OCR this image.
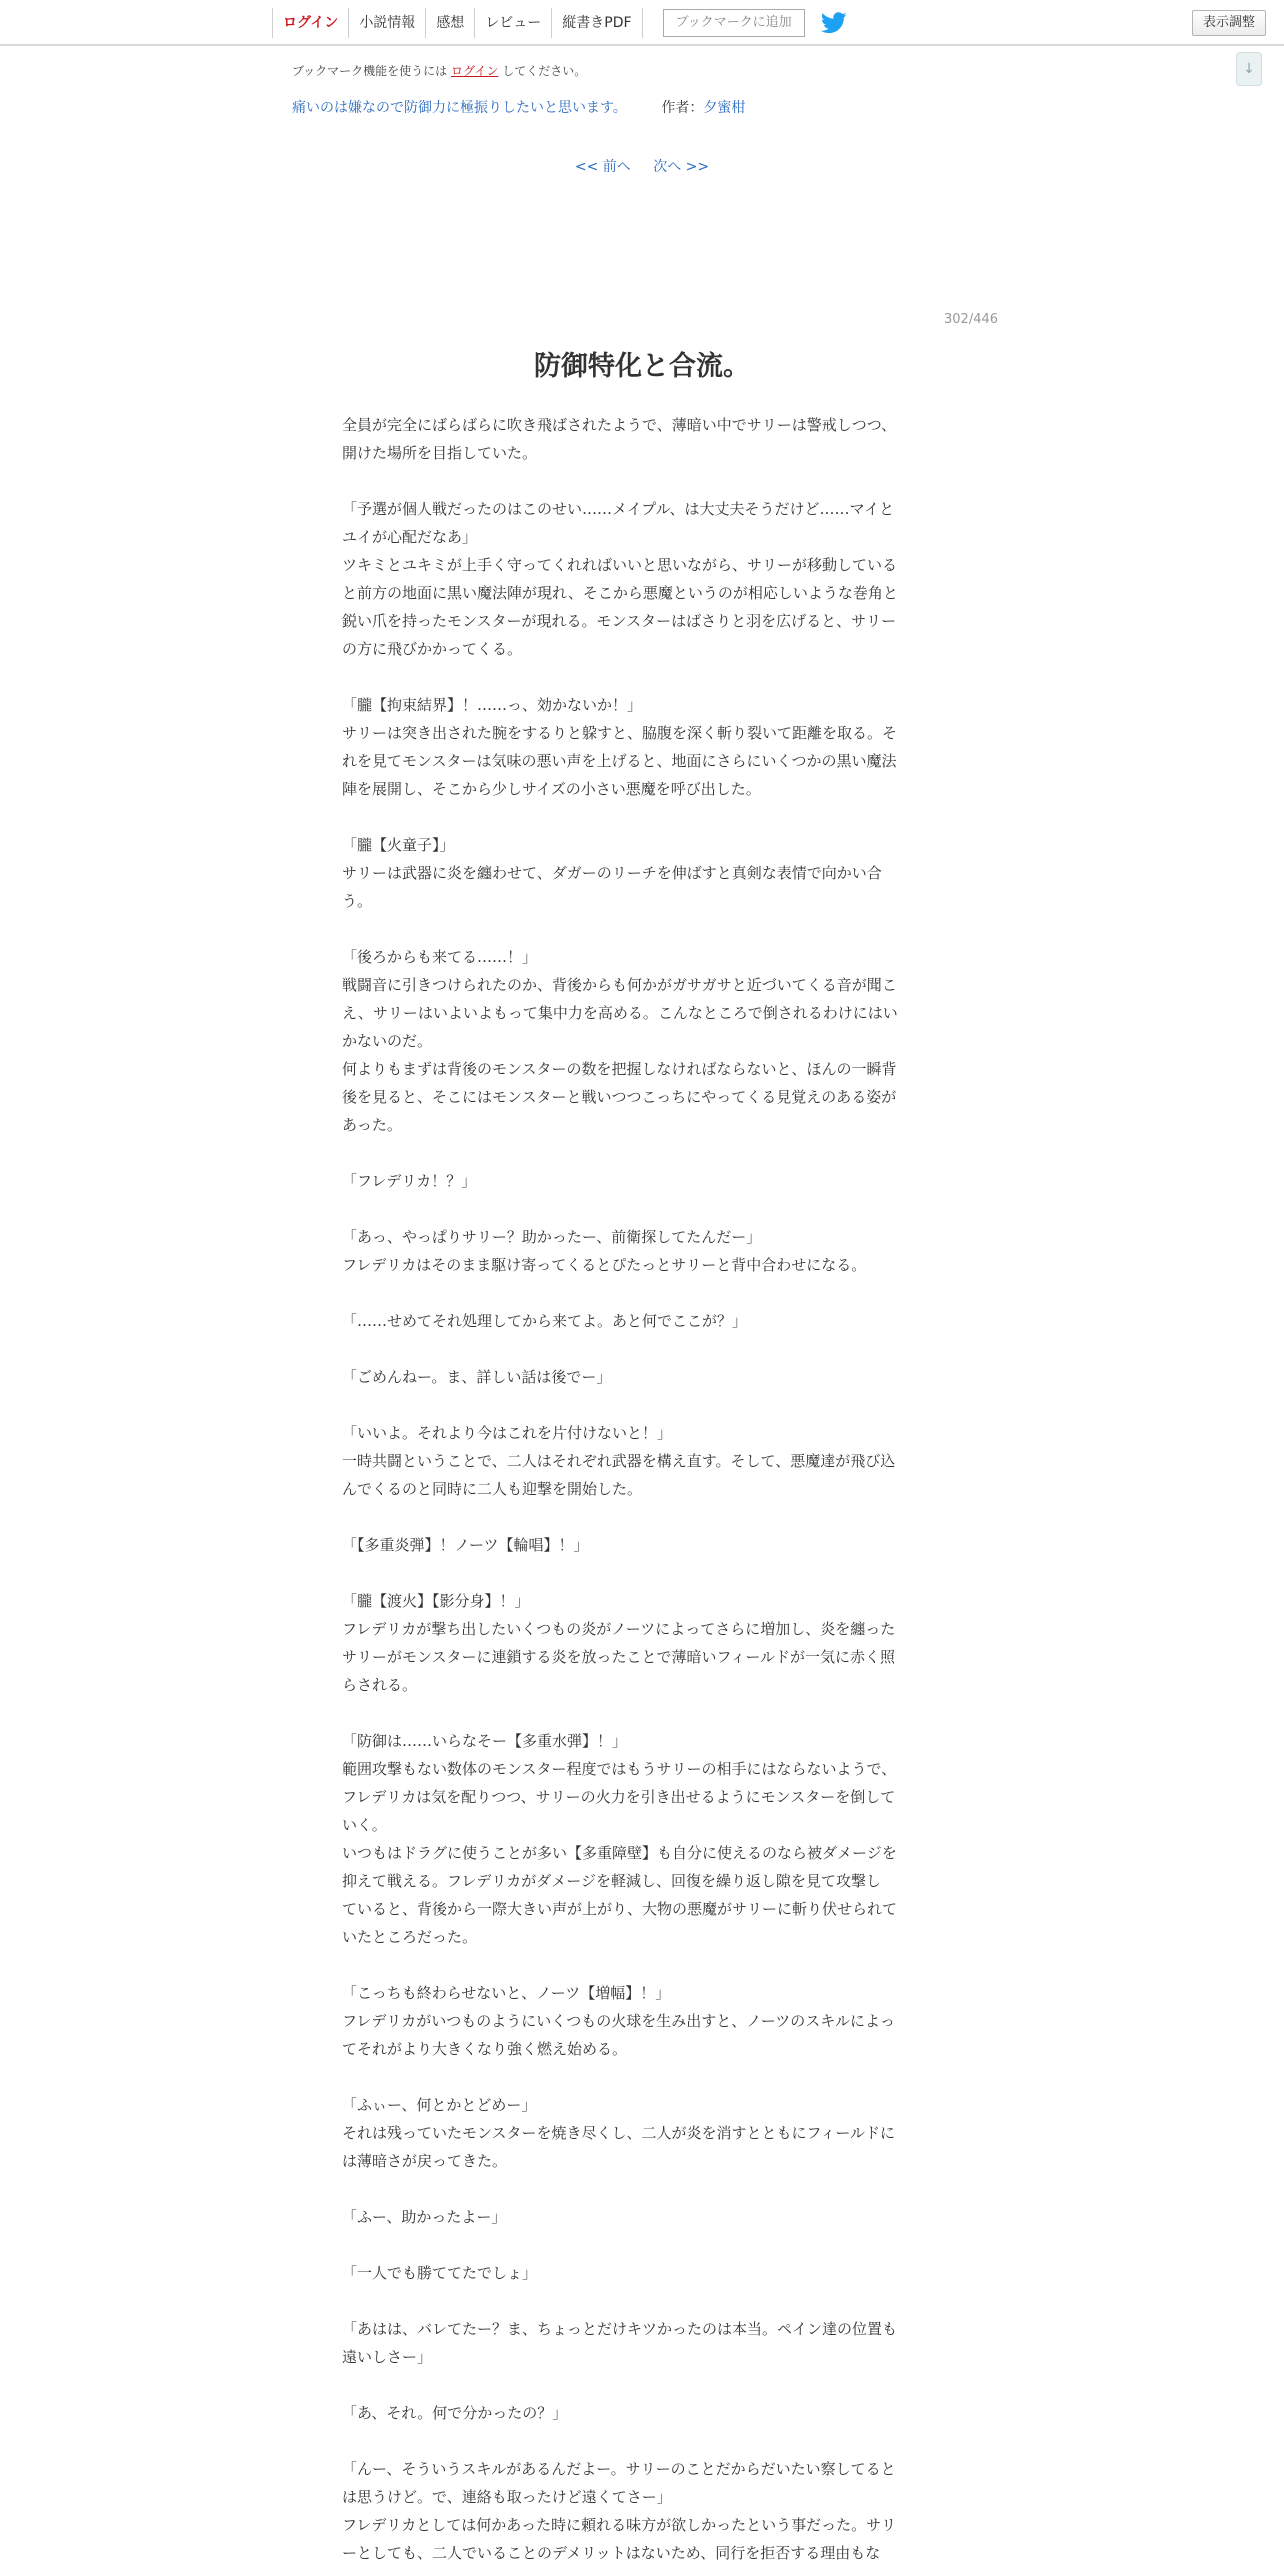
ログイン	小説情報	感想	レビュー	縦書きPDF	ブックマークに追加	表示調整
↓
ブックマーク機能を使うには ログイン してください。
痛いのは嫌なので防御力に極振りしたいと思います。 作者：夕蜜柑
<< 前へ 次へ >>
302/446
防御特化と合流。

全員が完全にばらばらに吹き飛ばされたようで、薄暗い中でサリーは警戒しつつ、

開けた場所を目指していた。

「予選が個人戦だったのはこのせい……メイプル、は大丈夫そうだけど……マイと

ユイが心配だなあ」

ツキミとユキミが上手く守ってくれればいいと思いながら、サリーが移動している

と前方の地面に黒い魔法陣が現れ、そこから悪魔というのが相応しいような巻角と

鋭い爪を持ったモンスターが現れる。モンスターはばさりと羽を広げると、サリー

の方に飛びかかってくる。

「朧【拘束結界】！……っ、効かないか！」

サリーは突き出された腕をするりと躱すと、脇腹を深く斬り裂いて距離を取る。そ

れを見てモンスターは気味の悪い声を上げると、地面にさらにいくつかの黒い魔法

陣を展開し、そこから少しサイズの小さい悪魔を呼び出した。

「朧【火童子】」

サリーは武器に炎を纏わせて、ダガーのリーチを伸ばすと真剣な表情で向かい合

う。

「後ろからも来てる……！」

戦闘音に引きつけられたのか、背後からも何かがガサガサと近づいてくる音が聞こ

え、サリーはいよいよもって集中力を高める。こんなところで倒されるわけにはい

かないのだ。

何よりもまずは背後のモンスターの数を把握しなければならないと、ほんの一瞬背

後を見ると、そこにはモンスターと戦いつつこっちにやってくる見覚えのある姿が

あった。

「フレデリカ！？」

「あっ、やっぱりサリー？助かったー、前衛探してたんだー」

フレデリカはそのまま駆け寄ってくるとぴたっとサリーと背中合わせになる。

「……せめてそれ処理してから来てよ。あと何でここが？」

「ごめんねー。ま、詳しい話は後でー」

「いいよ。それより今はこれを片付けないと！」

一時共闘ということで、二人はそれぞれ武器を構え直す。そして、悪魔達が飛び込

んでくるのと同時に二人も迎撃を開始した。

「【多重炎弾】！ノーツ【輪唱】！」

「朧【渡火】【影分身】！」

フレデリカが撃ち出したいくつもの炎がノーツによってさらに増加し、炎を纏った

サリーがモンスターに連鎖する炎を放ったことで薄暗いフィールドが一気に赤く照

らされる。

「防御は……いらなそー【多重水弾】！」

範囲攻撃もない数体のモンスター程度ではもうサリーの相手にはならないようで、

フレデリカは気を配りつつ、サリーの火力を引き出せるようにモンスターを倒して

いく。

いつもはドラグに使うことが多い【多重障壁】も自分に使えるのなら被ダメージを

抑えて戦える。フレデリカがダメージを軽減し、回復を繰り返し隙を見て攻撃し

ていると、背後から一際大きい声が上がり、大物の悪魔がサリーに斬り伏せられて

いたところだった。

「こっちも終わらせないと、ノーツ【増幅】！」

フレデリカがいつものようにいくつもの火球を生み出すと、ノーツのスキルによっ

てそれがより大きくなり強く燃え始める。

「ふぃー、何とかとどめー」

それは残っていたモンスターを焼き尽くし、二人が炎を消すとともにフィールドに

は薄暗さが戻ってきた。

「ふー、助かったよー」

「一人でも勝ててたでしょ」

「あはは、バレてたー？ま、ちょっとだけキツかったのは本当。ペイン達の位置も

遠いしさー」

「あ、それ。何で分かったの？」

「んー、そういうスキルがあるんだよー。サリーのことだからだいたい察してると

は思うけど。で、連絡も取ったけど遠くてさー」

フレデリカとしては何かあった時に頼れる味方が欲しかったという事だった。サリ

ーとしても、二人でいることのデメリットはないため、同行を拒否する理由もな
